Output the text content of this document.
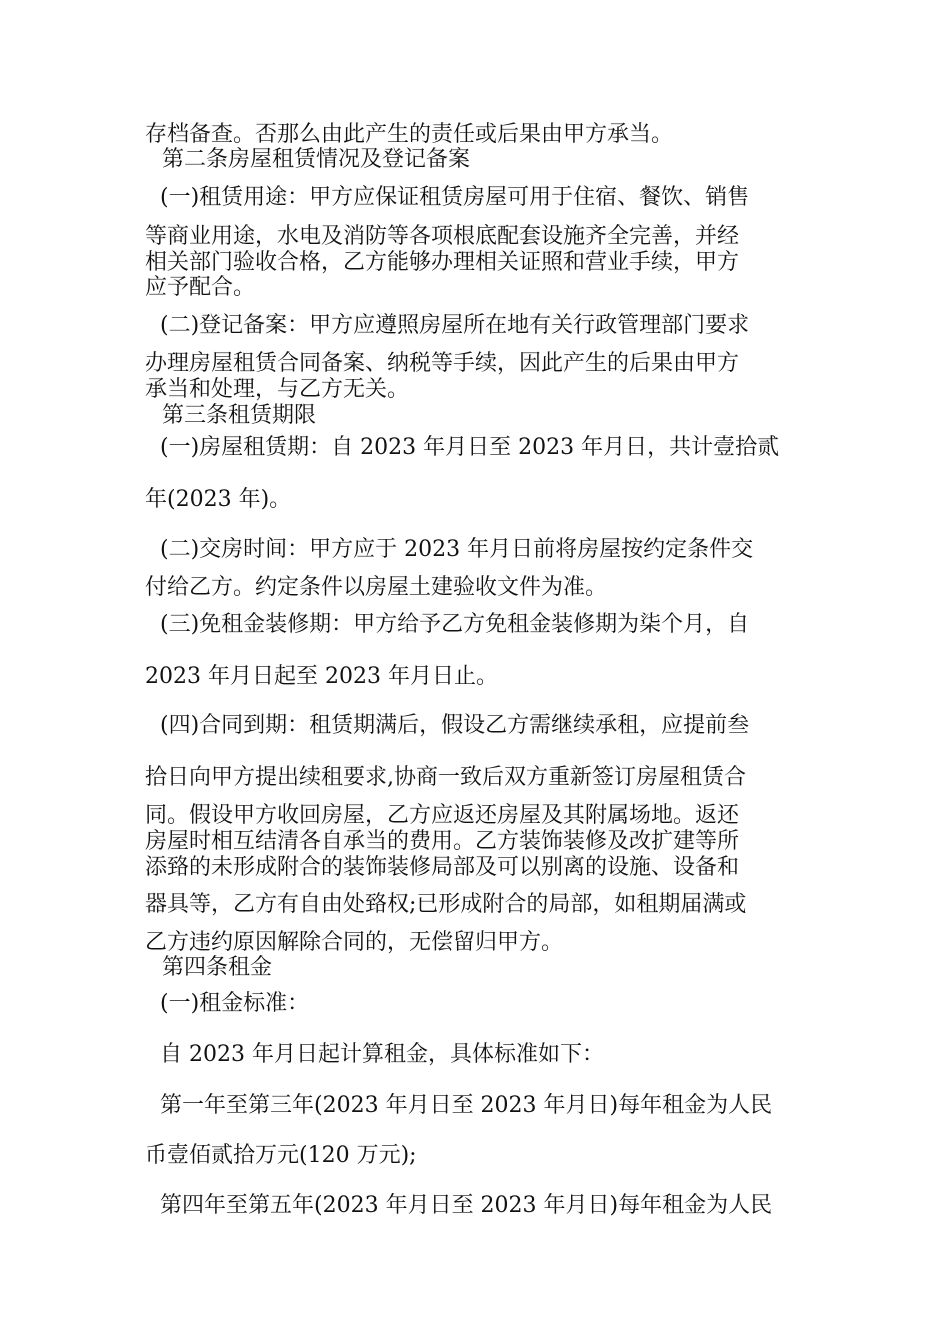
存档备查。否那么由此产生的责任或后果由甲方承当。
第二条房屋租赁情况及登记备案
(一)租赁用途：甲方应保证租赁房屋可用于住宿、餐饮、销售
等商业用途，水电及消防等各项根底配套设施齐全完善，并经
相关部门验收合格，乙方能够办理相关证照和营业手续，甲方
应予配合。
(二)登记备案：甲方应遵照房屋所在地有关行政管理部门要求
办理房屋租赁合同备案、纳税等手续，因此产生的后果由甲方
承当和处理，与乙方无关。
第三条租赁期限
(一)房屋租赁期：自 2023 年月日至 2023 年月日，共计壹拾贰
年(2023 年)。
(二)交房时间：甲方应于 2023 年月日前将房屋按约定条件交
付给乙方。约定条件以房屋土建验收文件为准。
(三)免租金装修期：甲方给予乙方免租金装修期为柒个月，自
2023 年月日起至 2023 年月日止。
(四)合同到期：租赁期满后，假设乙方需继续承租，应提前叁
拾日向甲方提出续租要求,协商一致后双方重新签订房屋租赁合
同。假设甲方收回房屋，乙方应返还房屋及其附属场地。返还
房屋时相互结清各自承当的费用。乙方装饰装修及改扩建等所
添臵的未形成附合的装饰装修局部及可以别离的设施、设备和
器具等，乙方有自由处臵权;已形成附合的局部，如租期届满或
乙方违约原因解除合同的，无偿留归甲方。
第四条租金
(一)租金标准：
自 2023 年月日起计算租金，具体标准如下：
第一年至第三年(2023 年月日至 2023 年月日)每年租金为人民
币壹佰贰拾万元(120 万元);
第四年至第五年(2023 年月日至 2023 年月日)每年租金为人民
